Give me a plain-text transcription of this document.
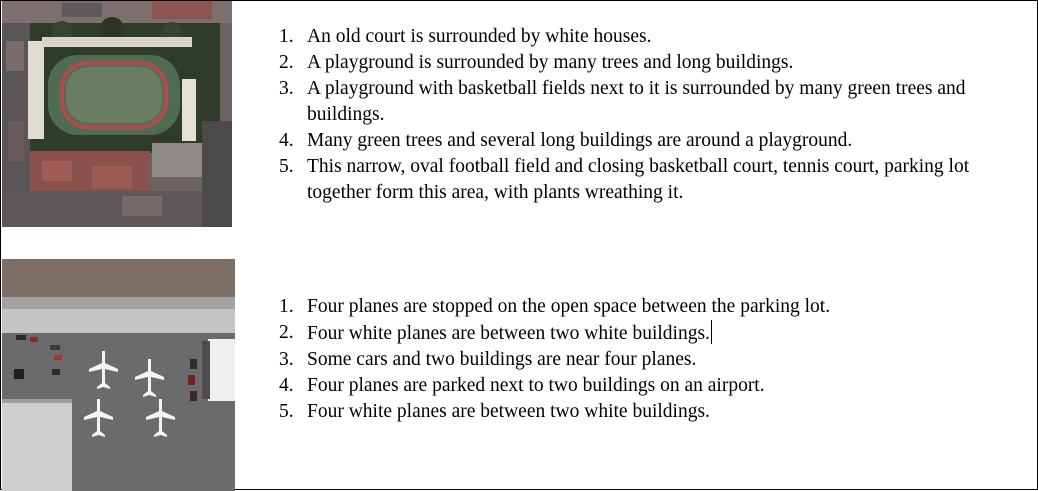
1. An old court is surrounded by white houses.
2. A playground is surrounded by many trees and long buildings.
3. A playground with basketball fields next to it is surrounded by many green trees and buildings.
4. Many green trees and several long buildings are around a playground.
5. This narrow, oval football field and closing basketball court, tennis court, parking lot together form this area, with plants wreathing it.
1. Four planes are stopped on the open space between the parking lot.
2. Four white planes are between two white buildings.
3. Some cars and two buildings are near four planes.
4. Four planes are parked next to two buildings on an airport.
5. Four white planes are between two white buildings.
